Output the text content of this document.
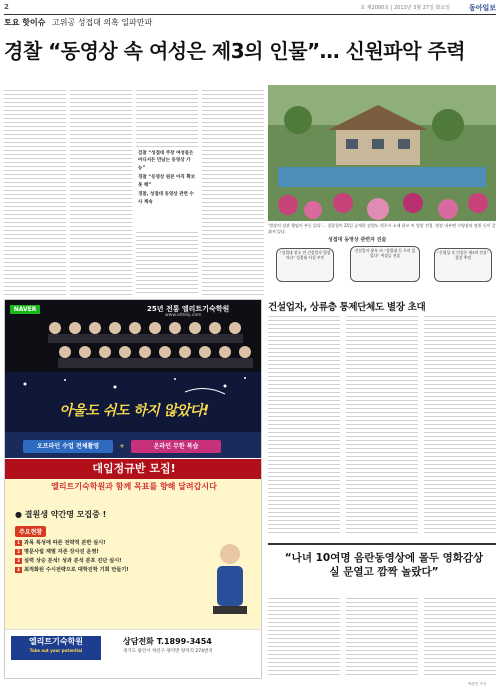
2	호 제2000호 | 2013년 3월 27일 화요일	동아일보
토요 핫이슈 고위공 성접대 의혹 일파만파
경찰 “동영상 속 여성은 제3의 인물”… 신원파악 주력

검찰 “성접대 주장 여성들은 어디서든 만났는 동영상 가능”

경찰 “동영상 원본 아직 확보 못 해”

경찰, 성접대 동영상 관련 수사 계속

‘별장의 성관 행임이 부동 있다’… 경찰청이 25일 공개한 강원도 원주시 소재 윤모 씨 별장 전경. 별장 내부엔 수영장과 정원 등이 갖춰져 있다.
성접대 동영상 관련자 진술
“성접대 장소 전 건설업자 별장 아냐” 성접대 사실 부인
건설업자 윤모 씨 “성접대 등 로비 있었다” 여성들 진술
“동영상 속 인물은 제3의 인물” 경찰 추정
NAVER	25년 전통 엘리트기숙학원
www.elitesj.com
아울도 쉬도 하지 않았다!
오프라인 수업 전체촬영	+	온라인 무한 복습
대입정규반 모집!
엘리트기숙학원과 함께 목표를 향해 달려갑시다
● 결원생 약간명 모집중 !
주요현황
1 과목 특성에 따른 전략적 분반 실시!
2 명문사립 재벌 자존 강사진 운영!
3 실력 상승 분석! 성과 분석 분포 진단 실시!
4 최적화된 수시전략으로 대학진학 기회 만들기!
엘리트기숙학원
Take out your potential
상담전화 T.1899-3454
경기도 용인시 처인구 양지면 양지리 274번지
건설업자, 상류층 통제단체도 별장 초대
“나녀 10여명 음란동영상에 몰두 영화감상실 문열고 깜짝 놀랐다”
박종민 기자
